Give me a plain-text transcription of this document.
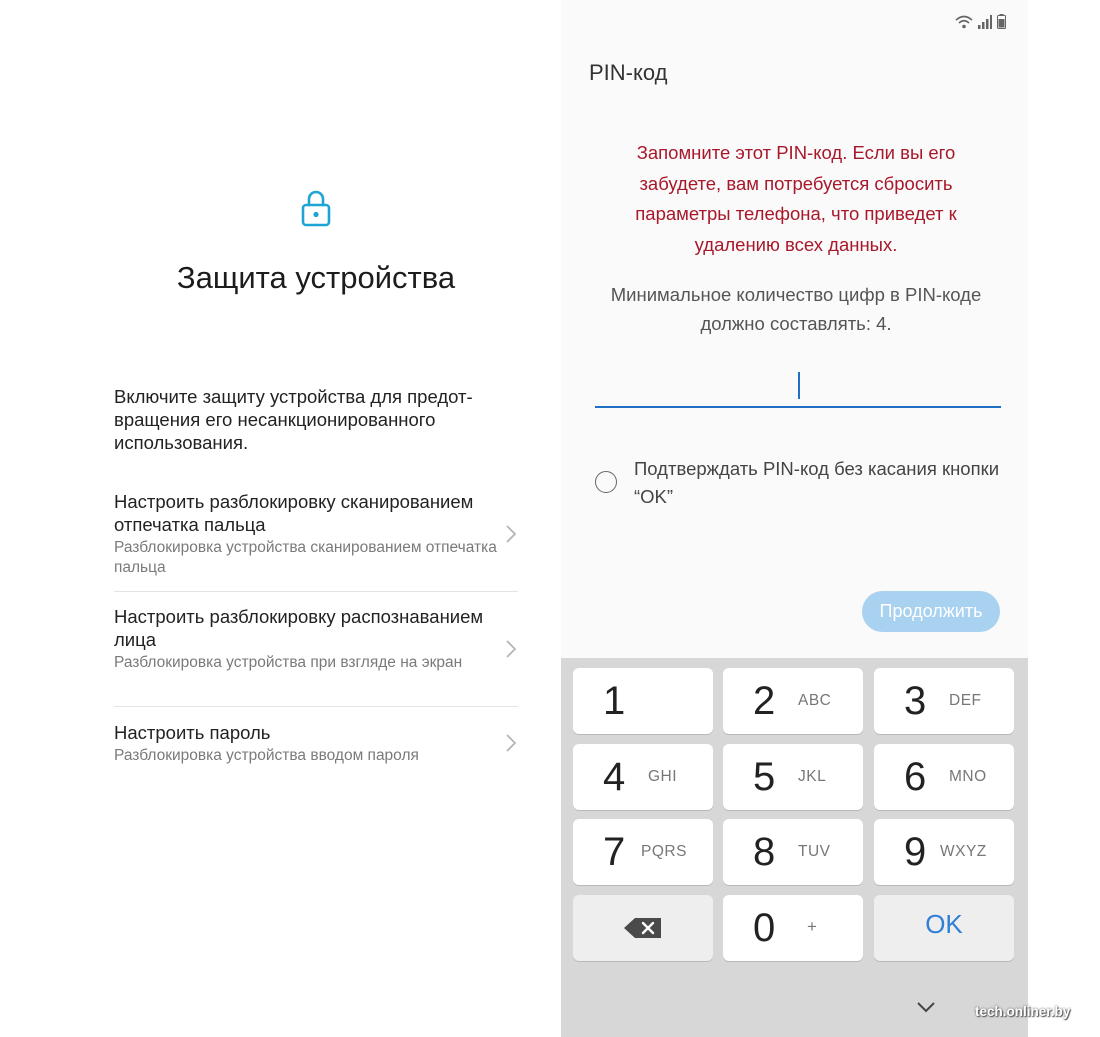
Защита устройства
Включите защиту устройства для предот-вращения его несанкционированного использования.
Настроить разблокировку сканированием отпечатка пальца
Разблокировка устройства сканированием отпечатка пальца
Настроить разблокировку распознаванием лица
Разблокировка устройства при взгляде на экран
Настроить пароль
Разблокировка устройства вводом пароля
PIN-код
Запомните этот PIN-код. Если вы его забудете, вам потребуется сбросить параметры телефона, что приведет к удалению всех данных.
Минимальное количество цифр в PIN-коде должно составлять: 4.
Подтверждать PIN-код без касания кнопки “OK”
Продолжить
1	2 ABC 3 DEF
4 GHI 5 JKL 6 MNO
7 PQRS 8 TUV 9 WXYZ
0 +	OK
tech.onliner.by
